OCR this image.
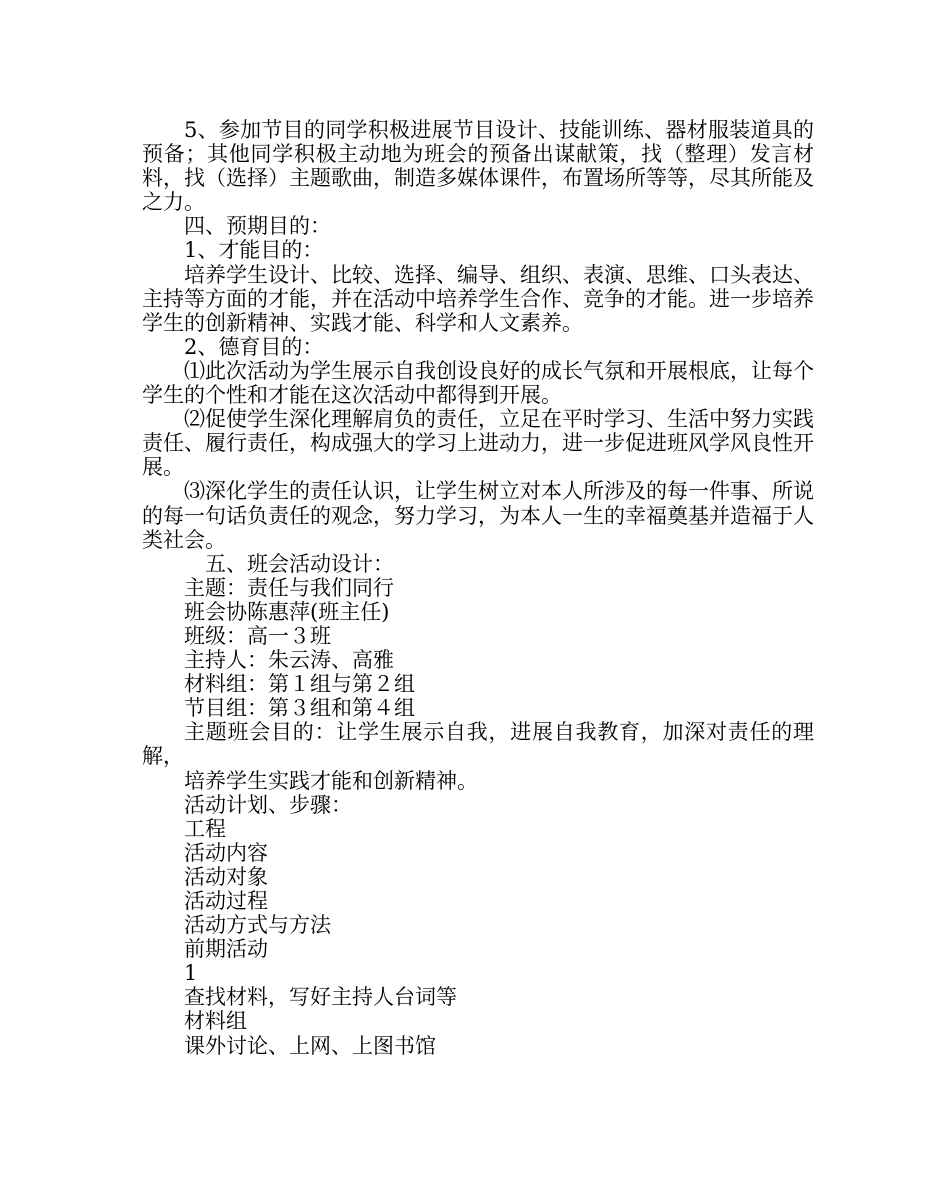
5、参加节目的同学积极进展节目设计、技能训练、器材服装道具的预备；其他同学积极主动地为班会的预备出谋献策，找（整理）发言材料，找（选择）主题歌曲，制造多媒体课件，布置场所等等，尽其所能及之力。

四、预期目的：

1、才能目的：

培养学生设计、比较、选择、编导、组织、表演、思维、口头表达、主持等方面的才能，并在活动中培养学生合作、竞争的才能。进一步培养学生的创新精神、实践才能、科学和人文素养。

2、德育目的：

⑴此次活动为学生展示自我创设良好的成长气氛和开展根底，让每个学生的个性和才能在这次活动中都得到开展。

⑵促使学生深化理解肩负的责任，立足在平时学习、生活中努力实践责任、履行责任，构成强大的学习上进动力，进一步促进班风学风良性开展。

⑶深化学生的责任认识，让学生树立对本人所涉及的每一件事、所说的每一句话负责任的观念，努力学习，为本人一生的幸福奠基并造福于人类社会。

五、班会活动设计：

主题：责任与我们同行

班会协陈惠萍(班主任)

班级：高一３班

主持人：朱云涛、高雅

材料组：第１组与第２组

节目组：第３组和第４组

主题班会目的：让学生展示自我，进展自我教育，加深对责任的理解，

培养学生实践才能和创新精神。

活动计划、步骤：

工程

活动内容

活动对象

活动过程

活动方式与方法

前期活动

1

查找材料，写好主持人台词等

材料组

课外讨论、上网、上图书馆
